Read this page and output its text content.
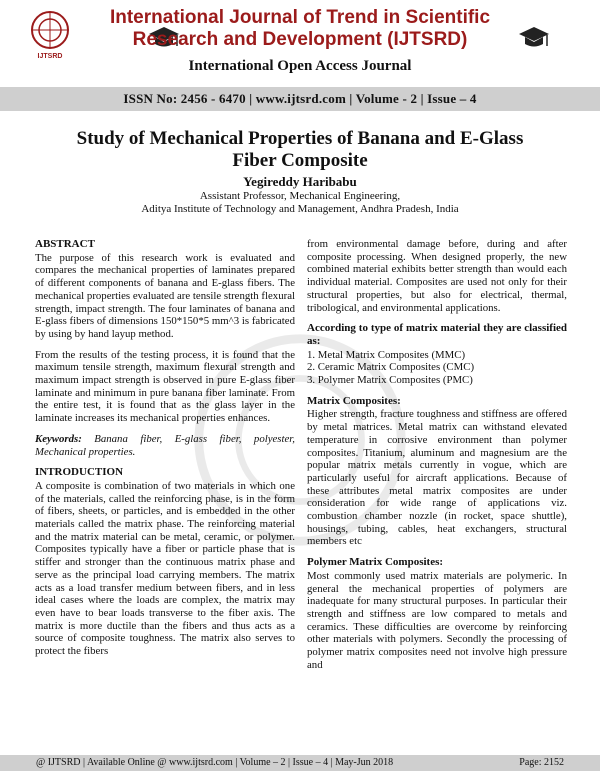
IJTSRD
International Journal of Trend in Scientific
Research and Development (IJTSRD)
International Open Access Journal
ISSN No: 2456 - 6470 | www.ijtsrd.com | Volume - 2 | Issue – 4
Study of Mechanical Properties of Banana and E-Glass
Fiber Composite
Yegireddy Haribabu
Assistant Professor, Mechanical Engineering,
Aditya Institute of Technology and Management, Andhra Pradesh, India
ABSTRACT

The purpose of this research work is evaluated and compares the mechanical properties of laminates prepared of different components of banana and E-glass fibers. The mechanical properties evaluated are tensile strength flexural strength, impact strength. The four laminates of banana and E-glass fibers of dimensions 150*150*5 mm^3 is fabricated by using by hand layup method.

From the results of the testing process, it is found that the maximum tensile strength, maximum flexural strength and maximum impact strength is observed in pure E-glass fiber laminate and minimum in pure banana fiber laminate. From the entire test, it is found that as the glass layer in the laminate increases its mechanical properties enhances.

Keywords: Banana fiber, E-glass fiber, polyester, Mechanical properties.

INTRODUCTION

A composite is combination of two materials in which one of the materials, called the reinforcing phase, is in the form of fibers, sheets, or particles, and is embedded in the other materials called the matrix phase. The reinforcing material and the matrix material can be metal, ceramic, or polymer. Composites typically have a fiber or particle phase that is stiffer and stronger than the continuous matrix phase and serve as the principal load carrying members. The matrix acts as a load transfer medium between fibers, and in less ideal cases where the loads are complex, the matrix may even have to bear loads transverse to the fiber axis. The matrix is more ductile than the fibers and thus acts as a source of composite toughness. The matrix also serves to protect the fibers

from environmental damage before, during and after composite processing. When designed properly, the new combined material exhibits better strength than would each individual material. Composites are used not only for their structural properties, but also for electrical, thermal, tribological, and environmental applications.

According to type of matrix material they are classified as:
1. Metal Matrix Composites (MMC)
2. Ceramic Matrix Composites (CMC)
3. Polymer Matrix Composites (PMC)
Matrix Composites:

Higher strength, fracture toughness and stiffness are offered by metal matrices. Metal matrix can withstand elevated temperature in corrosive environment than polymer composites. Titanium, aluminum and magnesium are the popular matrix metals currently in vogue, which are particularly useful for aircraft applications. Because of these attributes metal matrix composites are under consideration for wide range of applications viz. combustion chamber nozzle (in rocket, space shuttle), housings, tubing, cables, heat exchangers, structural members etc

Polymer Matrix Composites:

Most commonly used matrix materials are polymeric. In general the mechanical properties of polymers are inadequate for many structural purposes. In particular their strength and stiffness are low compared to metals and ceramics. These difficulties are overcome by reinforcing other materials with polymers. Secondly the processing of polymer matrix composites need not involve high pressure and

@ IJTSRD | Available Online @ www.ijtsrd.com | Volume – 2 | Issue – 4 | May-Jun 2018	Page: 2152
